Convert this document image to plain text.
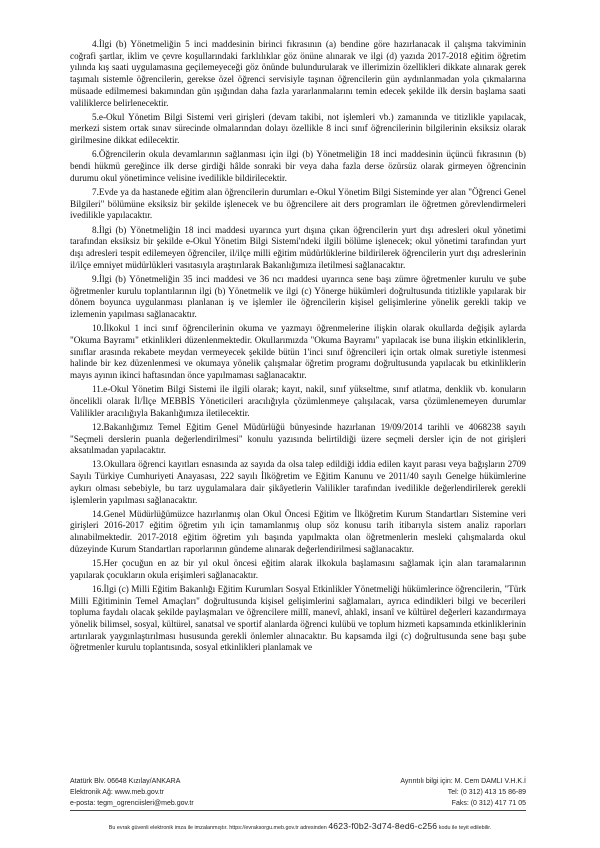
4.İlgi (b) Yönetmeliğin 5 inci maddesinin birinci fıkrasının (a) bendine göre hazırlanacak il çalışma takviminin coğrafi şartlar, iklim ve çevre koşullarındaki farklılıklar göz önüne alınarak ve ilgi (d) yazıda 2017-2018 eğitim öğretim yılında kış saati uygulamasına geçilemeyeceği göz önünde bulundurularak ve illerimizin özellikleri dikkate alınarak gerek taşımalı sistemle öğrencilerin, gerekse özel öğrenci servisiyle taşınan öğrencilerin gün aydınlanmadan yola çıkmalarına müsaade edilmemesi bakımından gün ışığından daha fazla yararlanmalarını temin edecek şekilde ilk dersin başlama saati valiliklerce belirlenecektir.

5.e-Okul Yönetim Bilgi Sistemi veri girişleri (devam takibi, not işlemleri vb.) zamanında ve titizlikle yapılacak, merkezi sistem ortak sınav sürecinde olmalarından dolayı özellikle 8 inci sınıf öğrencilerinin bilgilerinin eksiksiz olarak girilmesine dikkat edilecektir.

6.Öğrencilerin okula devamlarının sağlanması için ilgi (b) Yönetmeliğin 18 inci maddesinin üçüncü fıkrasının (b) bendi hükmü gereğince ilk derse girdiği hâlde sonraki bir veya daha fazla derse özürsüz olarak girmeyen öğrencinin durumu okul yönetimince velisine ivedilikle bildirilecektir.

7.Evde ya da hastanede eğitim alan öğrencilerin durumları e-Okul Yönetim Bilgi Sisteminde yer alan "Öğrenci Genel Bilgileri" bölümüne eksiksiz bir şekilde işlenecek ve bu öğrencilere ait ders programları ile öğretmen görevlendirmeleri ivedilikle yapılacaktır.

8.İlgi (b) Yönetmeliğin 18 inci maddesi uyarınca yurt dışına çıkan öğrencilerin yurt dışı adresleri okul yönetimi tarafından eksiksiz bir şekilde e-Okul Yönetim Bilgi Sistemi'ndeki ilgili bölüme işlenecek; okul yönetimi tarafından yurt dışı adresleri tespit edilemeyen öğrenciler, il/ilçe milli eğitim müdürlüklerine bildirilerek öğrencilerin yurt dışı adreslerinin il/ilçe emniyet müdürlükleri vasıtasıyla araştırılarak Bakanlığımıza iletilmesi sağlanacaktır.

9.İlgi (b) Yönetmeliğin 35 inci maddesi ve 36 ncı maddesi uyarınca sene başı zümre öğretmenler kurulu ve şube öğretmenler kurulu toplantılarının ilgi (b) Yönetmelik ve ilgi (c) Yönerge hükümleri doğrultusunda titizlikle yapılarak bir dönem boyunca uygulanması planlanan iş ve işlemler ile öğrencilerin kişisel gelişimlerine yönelik gerekli takip ve izlemenin yapılması sağlanacaktır.

10.İlkokul 1 inci sınıf öğrencilerinin okuma ve yazmayı öğrenmelerine ilişkin olarak okullarda değişik aylarda "Okuma Bayramı" etkinlikleri düzenlenmektedir. Okullarımızda "Okuma Bayramı" yapılacak ise buna ilişkin etkinliklerin, sınıflar arasında rekabete meydan vermeyecek şekilde bütün 1'inci sınıf öğrencileri için ortak olmak suretiyle istenmesi halinde bir kez düzenlenmesi ve okumaya yönelik çalışmalar öğretim programı doğrultusunda yapılacak bu etkinliklerin mayıs ayının ikinci haftasından önce yapılmaması sağlanacaktır.

11.e-Okul Yönetim Bilgi Sistemi ile ilgili olarak; kayıt, nakil, sınıf yükseltme, sınıf atlatma, denklik vb. konuların öncelikli olarak İl/İlçe MEBBİS Yöneticileri aracılığıyla çözümlenmeye çalışılacak, varsa çözümlenemeyen durumlar Valilikler aracılığıyla Bakanlığımıza iletilecektir.

12.Bakanlığımız Temel Eğitim Genel Müdürlüğü bünyesinde hazırlanan 19/09/2014 tarihli ve 4068238 sayılı "Seçmeli derslerin puanla değerlendirilmesi" konulu yazısında belirtildiği üzere seçmeli dersler için de not girişleri aksatılmadan yapılacaktır.

13.Okullara öğrenci kayıtları esnasında az sayıda da olsa talep edildiği iddia edilen kayıt parası veya bağışların 2709 Sayılı Türkiye Cumhuriyeti Anayasası, 222 sayılı İlköğretim ve Eğitim Kanunu ve 2011/40 sayılı Genelge hükümlerine aykırı olması sebebiyle, bu tarz uygulamalara dair şikâyetlerin Valilikler tarafından ivedilikle değerlendirilerek gerekli işlemlerin yapılması sağlanacaktır.

14.Genel Müdürlüğümüzce hazırlanmış olan Okul Öncesi Eğitim ve İlköğretim Kurum Standartları Sistemine veri girişleri 2016-2017 eğitim öğretim yılı için tamamlanmış olup söz konusu tarih itibarıyla sistem analiz raporları alınabilmektedir. 2017-2018 eğitim öğretim yılı başında yapılmakta olan öğretmenlerin mesleki çalışmalarda okul düzeyinde Kurum Standartları raporlarının gündeme alınarak değerlendirilmesi sağlanacaktır.

15.Her çocuğun en az bir yıl okul öncesi eğitim alarak ilkokula başlamasını sağlamak için alan taramalarının yapılarak çocukların okula erişimleri sağlanacaktır.

16.İlgi (c) Milli Eğitim Bakanlığı Eğitim Kurumları Sosyal Etkinlikler Yönetmeliği hükümlerince öğrencilerin, "Türk Milli Eğitiminin Temel Amaçları" doğrultusunda kişisel gelişimlerini sağlamaları, ayrıca edindikleri bilgi ve becerileri topluma faydalı olacak şekilde paylaşmaları ve öğrencilere millî, manevî, ahlakî, insanî ve kültürel değerleri kazandırmaya yönelik bilimsel, sosyal, kültürel, sanatsal ve sportif alanlarda öğrenci kulübü ve toplum hizmeti kapsamında etkinliklerinin artırılarak yaygınlaştırılması hususunda gerekli önlemler alınacaktır. Bu kapsamda ilgi (c) doğrultusunda sene başı şube öğretmenler kurulu toplantısında, sosyal etkinlikleri planlamak ve

Atatürk Blv. 06648 Kızılay/ANKARA	Ayrıntılı bilgi için: M. Cem DAMLI V.H.K.İ
Elektronik Ağ: www.meb.gov.tr	Tel: (0 312) 413 15 86-89
e-posta: tegm_ogrenciisleri@meb.gov.tr	Faks: (0 312) 417 71 05
Bu evrak güvenli elektronik imza ile imzalanmıştır. https://evraksorgu.meb.gov.tr adresinden 4623-f0b2-3d74-8ed6-c256 kodu ile teyit edilebilir.
